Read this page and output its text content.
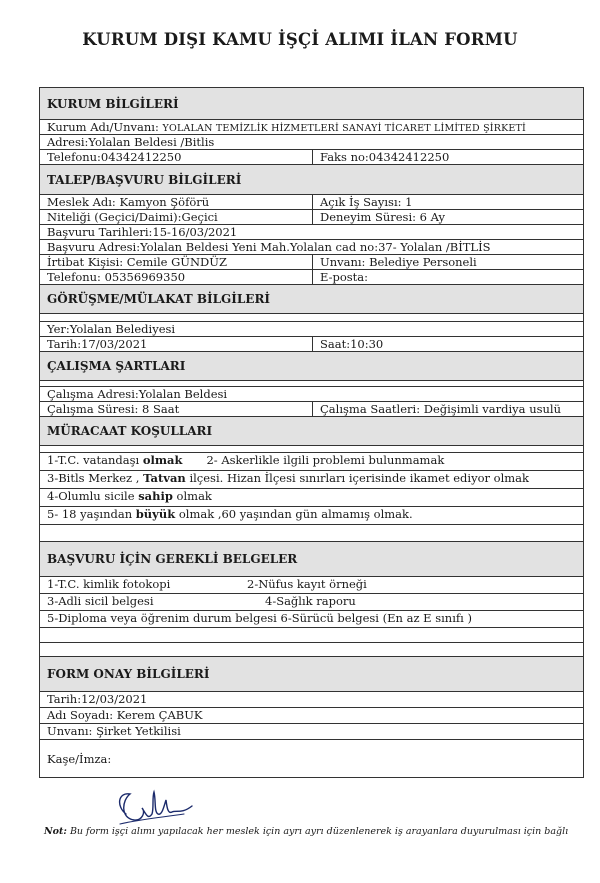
KURUM DIŞI KAMU İŞÇİ ALIMI İLAN FORMU
KURUM BİLGİLERİ
Kurum Adı/Unvanı: YOLALAN TEMİZLİK HİZMETLERİ SANAYİ TİCARET LİMİTED ŞİRKETİ
Adresi:Yolalan Beldesi /Bitlis
Telefonu:04342412250	Faks no:04342412250
TALEP/BAŞVURU BİLGİLERİ
Meslek Adı: Kamyon Şöförü	Açık İş Sayısı: 1
Niteliği (Geçici/Daimi):Geçici	Deneyim Süresi: 6 Ay
Başvuru Tarihleri:15-16/03/2021
Başvuru Adresi:Yolalan Beldesi Yeni Mah.Yolalan cad no:37- Yolalan /BİTLİS
İrtibat Kişisi: Cemile GÜNDÜZ	Unvanı: Belediye Personeli
Telefonu: 05356969350	E-posta:
GÖRÜŞME/MÜLAKAT BİLGİLERİ
Yer:Yolalan Belediyesi
Tarih:17/03/2021	Saat:10:30
ÇALIŞMA ŞARTLARI
Çalışma Adresi:Yolalan Beldesi
Çalışma Süresi: 8 Saat	Çalışma Saatleri: Değişimli vardiya usulü
MÜRACAAT KOŞULLARI
1-T.C. vatandaşı olmak 2- Askerlikle ilgili problemi bulunmamak
3-Bitls Merkez , Tatvan ilçesi. Hizan İlçesi sınırları içerisinde ikamet ediyor olmak
4-Olumlu sicile sahip olmak
5- 18 yaşından büyük olmak ,60 yaşından gün almamış olmak.
BAŞVURU İÇİN GEREKLİ BELGELER
1-T.C. kimlik fotokopi	2-Nüfus kayıt örneği
3-Adli sicil belgesi	4-Sağlık raporu
5-Diploma veya öğrenim durum belgesi 6-Sürücü belgesi (En az E sınıfı )
FORM ONAY BİLGİLERİ
Tarih:12/03/2021
Adı Soyadı: Kerem ÇABUK
Unvanı: Şirket Yetkilisi
Kaşe/İmza:
Not: Bu form işçi alımı yapılacak her meslek için ayrı ayrı düzenlenerek iş arayanlara duyurulması için bağlı
